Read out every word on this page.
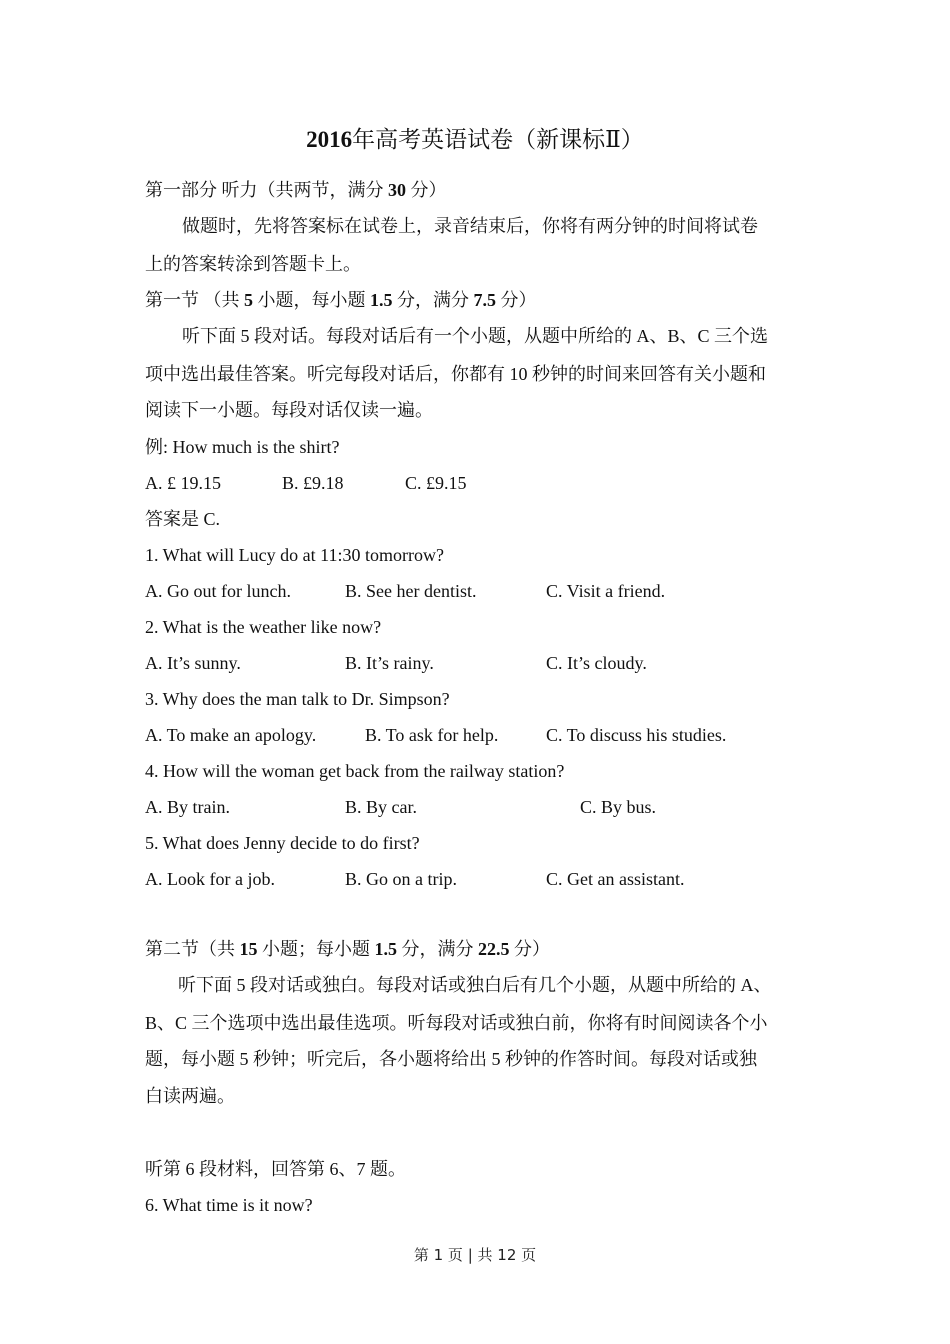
2016年高考英语试卷（新课标Ⅱ）
第一部分 听力（共两节，满分 30 分）
做题时，先将答案标在试卷上，录音结束后，你将有两分钟的时间将试卷
上的答案转涂到答题卡上。
第一节 （共 5 小题，每小题 1.5 分，满分 7.5 分）
听下面 5 段对话。每段对话后有一个小题，从题中所给的 A、B、C 三个选
项中选出最佳答案。听完每段对话后，你都有 10 秒钟的时间来回答有关小题和
阅读下一小题。每段对话仅读一遍。
例: How much is the shirt?
A. £ 19.15	B. £9.18	C. £9.15
答案是 C.
1. What will Lucy do at 11:30 tomorrow?
A. Go out for lunch.	B. See her dentist.	C. Visit a friend.
2. What is the weather like now?
A. It’s sunny.	B. It’s rainy.	C. It’s cloudy.
3. Why does the man talk to Dr. Simpson?
A. To make an apology.	B. To ask for help.	C. To discuss his studies.
4. How will the woman get back from the railway station?
A. By train.	B. By car.	C. By bus.
5. What does Jenny decide to do first?
A. Look for a job.	B. Go on a trip.	C. Get an assistant.
第二节（共 15 小题；每小题 1.5 分，满分 22.5 分）
听下面 5 段对话或独白。每段对话或独白后有几个小题，从题中所给的 A、
B、C 三个选项中选出最佳选项。听每段对话或独白前，你将有时间阅读各个小
题，每小题 5 秒钟；听完后，各小题将给出 5 秒钟的作答时间。每段对话或独
白读两遍。
听第 6 段材料，回答第 6、7 题。
6. What time is it now?
第 1 页 | 共 12 页
